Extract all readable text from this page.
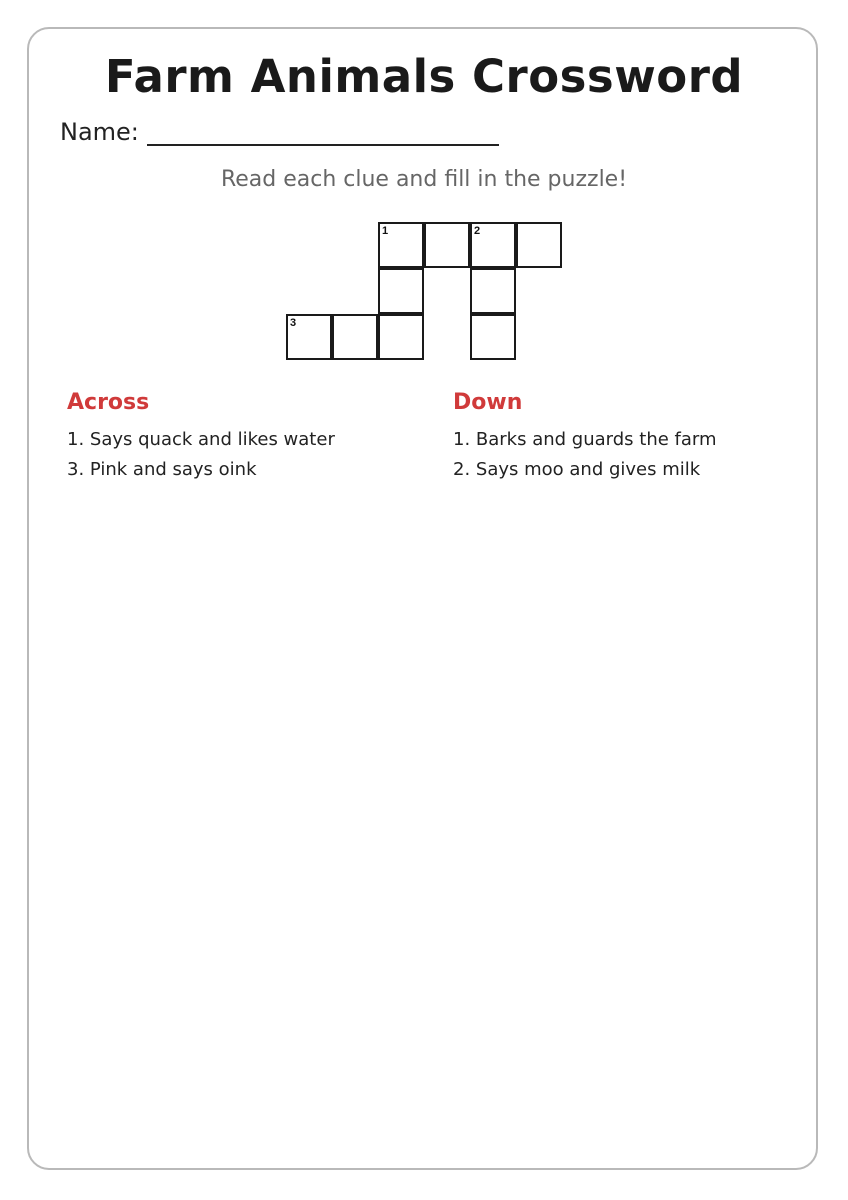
Farm Animals Crossword
Name:
Read each clue and fill in the puzzle!
1	2
3
Across
1. Says quack and likes water
3. Pink and says oink
Down
1. Barks and guards the farm
2. Says moo and gives milk
